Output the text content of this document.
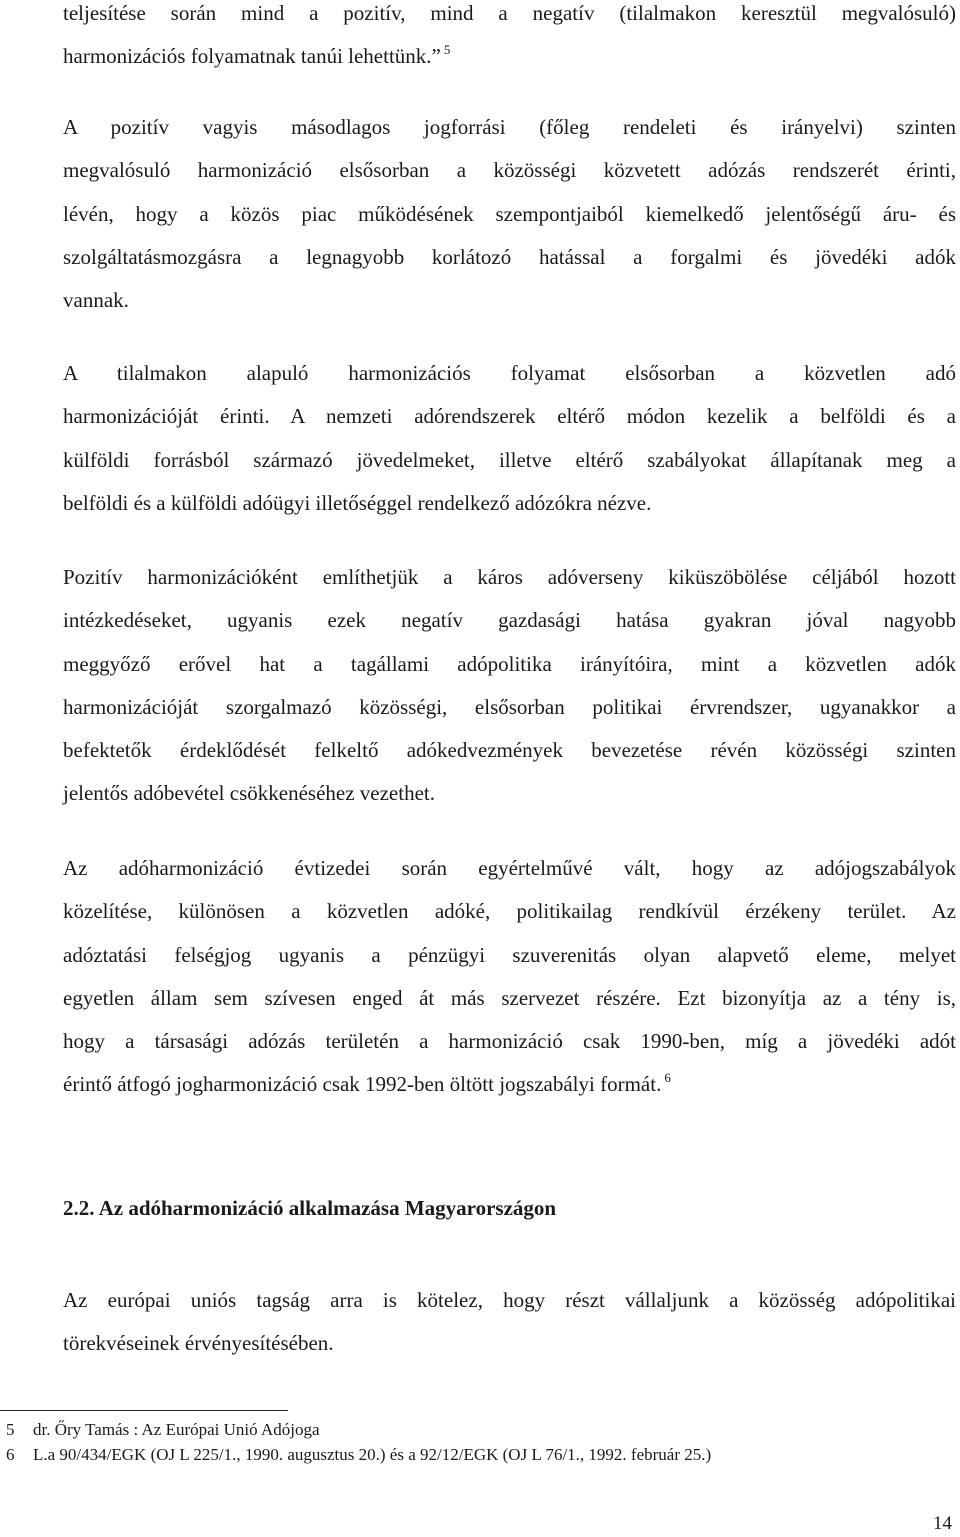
teljesítése során mind a pozitív, mind a negatív (tilalmakon keresztül megvalósuló)
harmonizációs folyamatnak tanúi lehettünk.” $^5$
A pozitív vagyis másodlagos jogforrási (főleg rendeleti és irányelvi) szinten
megvalósuló harmonizáció elsősorban a közösségi közvetett adózás rendszerét érinti,
lévén, hogy a közös piac működésének szempontjaiból kiemelkedő jelentőségű áru- és
szolgáltatásmozgásra a legnagyobb korlátozó hatással a forgalmi és jövedéki adók
vannak.
A tilalmakon alapuló harmonizációs folyamat elsősorban a közvetlen adó
harmonizációját érinti. A nemzeti adórendszerek eltérő módon kezelik a belföldi és a
külföldi forrásból származó jövedelmeket, illetve eltérő szabályokat állapítanak meg a
belföldi és a külföldi adóügyi illetőséggel rendelkező adózókra nézve.
Pozitív harmonizációként említhetjük a káros adóverseny kiküszöbölése céljából hozott
intézkedéseket, ugyanis ezek negatív gazdasági hatása gyakran jóval nagyobb
meggyőző erővel hat a tagállami adópolitika irányítóira, mint a közvetlen adók
harmonizációját szorgalmazó közösségi, elsősorban politikai érvrendszer, ugyanakkor a
befektetők érdeklődését felkeltő adókedvezmények bevezetése révén közösségi szinten
jelentős adóbevétel csökkenéséhez vezethet.
Az adóharmonizáció évtizedei során egyértelművé vált, hogy az adójogszabályok
közelítése, különösen a közvetlen adóké, politikailag rendkívül érzékeny terület. Az
adóztatási felségjog ugyanis a pénzügyi szuverenitás olyan alapvető eleme, melyet
egyetlen állam sem szívesen enged át más szervezet részére. Ezt bizonyítja az a tény is,
hogy a társasági adózás területén a harmonizáció csak 1990-ben, míg a jövedéki adót
érintő átfogó jogharmonizáció csak 1992-ben öltött jogszabályi formát. $^6$
2.2. Az adóharmonizáció alkalmazása Magyarországon
Az európai uniós tagság arra is kötelez, hogy részt vállaljunk a közösség adópolitikai
törekvéseinek érvényesítésében.
5 dr. Őry Tamás : Az Európai Unió Adójoga
6 L.a 90/434/EGK (OJ L 225/1., 1990. augusztus 20.) és a 92/12/EGK (OJ L 76/1., 1992. február 25.)
14
